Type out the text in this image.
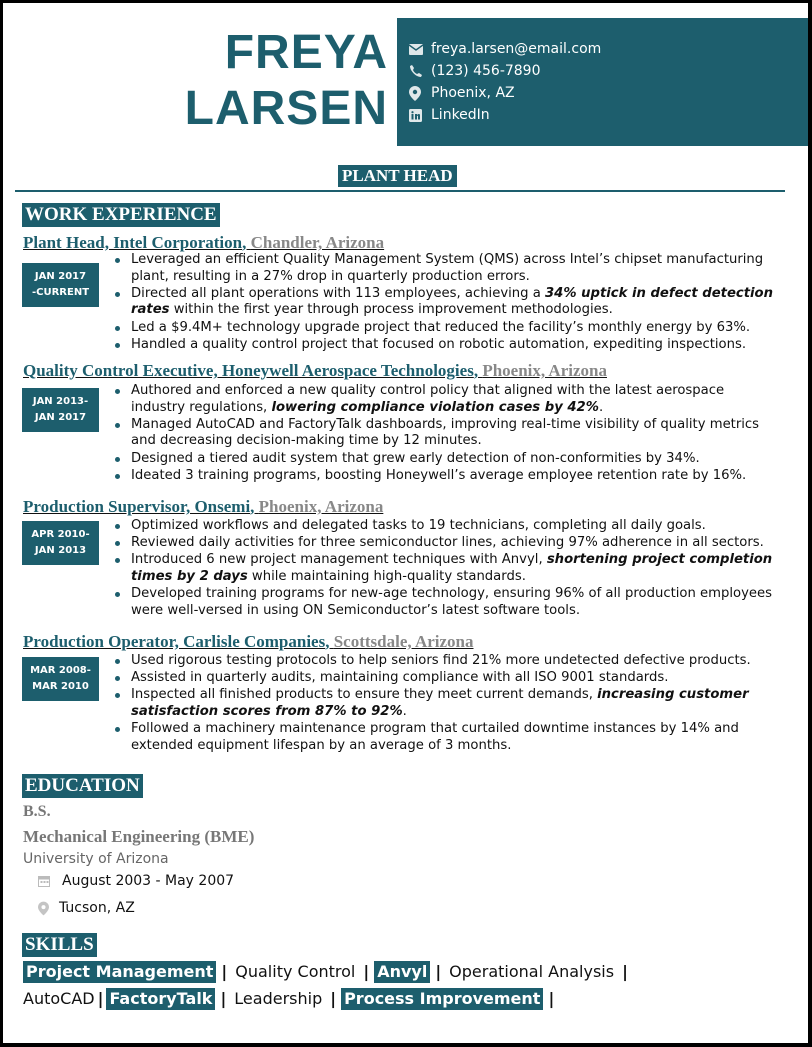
FREYA
LARSEN
freya.larsen@email.com
(123) 456-7890
Phoenix, AZ
LinkedIn
PLANT HEAD
WORK EXPERIENCE
Plant Head, Intel Corporation, Chandler, Arizona
JAN 2017
-CURRENT
Leveraged an efficient Quality Management System (QMS) across Intel’s chipset manufacturing plant, resulting in a 27% drop in quarterly production errors.
Directed all plant operations with 113 employees, achieving a 34% uptick in defect detection rates within the first year through process improvement methodologies.
Led a $9.4M+ technology upgrade project that reduced the facility’s monthly energy by 63%.
Handled a quality control project that focused on robotic automation, expediting inspections.
Quality Control Executive, Honeywell Aerospace Technologies, Phoenix, Arizona
JAN 2013-
JAN 2017
Authored and enforced a new quality control policy that aligned with the latest aerospace industry regulations, lowering compliance violation cases by 42%.
Managed AutoCAD and FactoryTalk dashboards, improving real-time visibility of quality metrics and decreasing decision-making time by 12 minutes.
Designed a tiered audit system that grew early detection of non-conformities by 34%.
Ideated 3 training programs, boosting Honeywell’s average employee retention rate by 16%.
Production Supervisor, Onsemi, Phoenix, Arizona
APR 2010-
JAN 2013
Optimized workflows and delegated tasks to 19 technicians, completing all daily goals.
Reviewed daily activities for three semiconductor lines, achieving 97% adherence in all sectors.
Introduced 6 new project management techniques with Anvyl, shortening project completion times by 2 days while maintaining high-quality standards.
Developed training programs for new-age technology, ensuring 96% of all production employees were well-versed in using ON Semiconductor’s latest software tools.
Production Operator, Carlisle Companies, Scottsdale, Arizona
MAR 2008-
MAR 2010
Used rigorous testing protocols to help seniors find 21% more undetected defective products.
Assisted in quarterly audits, maintaining compliance with all ISO 9001 standards.
Inspected all finished products to ensure they meet current demands, increasing customer satisfaction scores from 87% to 92%.
Followed a machinery maintenance program that curtailed downtime instances by 14% and extended equipment lifespan by an average of 3 months.
EDUCATION
B.S.
Mechanical Engineering (BME)
University of Arizona
August 2003 - May 2007
Tucson, AZ
SKILLS
Project Management | Quality Control | Anvyl | Operational Analysis |
AutoCAD | FactoryTalk | Leadership | Process Improvement |
